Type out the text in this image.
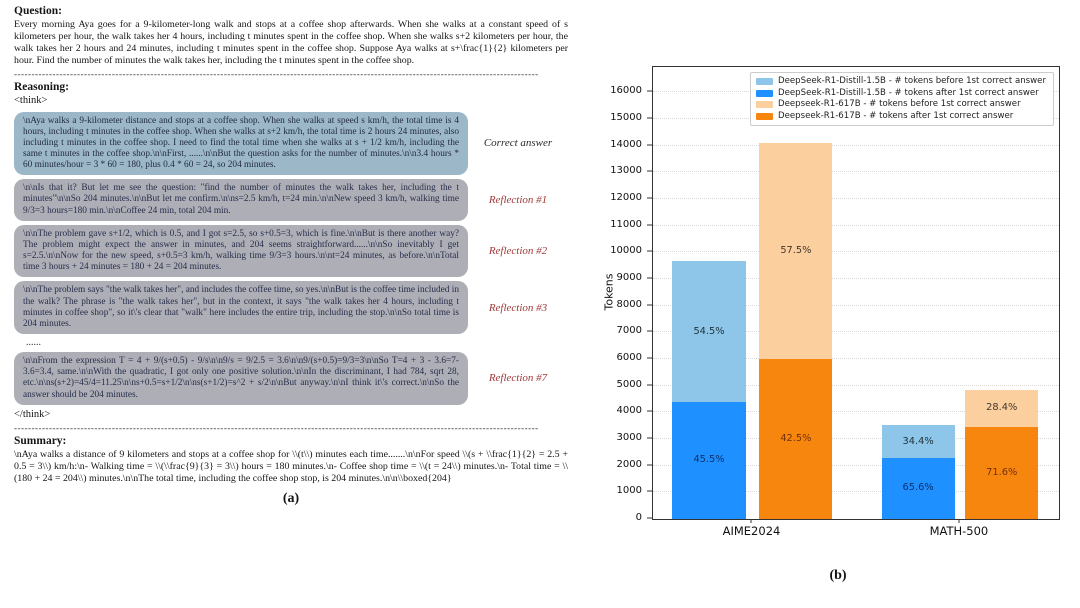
Question:
Every morning Aya goes for a 9-kilometer-long walk and stops at a coffee shop afterwards. When she walks at a constant speed of s kilometers per hour, the walk takes her 4 hours, including t minutes spent in the coffee shop. When she walks s+2 kilometers per hour, the walk takes her 2 hours and 24 minutes, including t minutes spent in the coffee shop. Suppose Aya walks at s+\frac{1}{2} kilometers per hour. Find the number of minutes the walk takes her, including the t minutes spent in the coffee shop.
------------------------------------------------------------------------------------------------------------------------------------------------------
Reasoning:
<think>
\nAya walks a 9-kilometer distance and stops at a coffee shop. When she walks at speed s km/h, the total time is 4 hours, including t minutes in the coffee shop. When she walks at s+2 km/h, the total time is 2 hours 24 minutes, also including t minutes in the coffee shop. I need to find the total time when she walks at s + 1/2 km/h, including the same t minutes in the coffee shop.\n\nFirst, ......\n\nBut the question asks for the number of minutes.\n\n3.4 hours * 60 minutes/hour = 3 * 60 = 180, plus 0.4 * 60 = 24, so 204 minutes.
Correct answer
\n\nIs that it? But let me see the question: "find the number of minutes the walk takes her, including the t minutes"\n\nSo 204 minutes.\n\nBut let me confirm.\n\ns=2.5 km/h, t=24 min.\n\nNew speed 3 km/h, walking time 9/3=3 hours=180 min.\n\nCoffee 24 min, total 204 min.
Reflection #1
\n\nThe problem gave s+1/2, which is 0.5, and I got s=2.5, so s+0.5=3, which is fine.\n\nBut is there another way? The problem might expect the answer in minutes, and 204 seems straightforward......\n\nSo inevitably I get s=2.5.\n\nNow for the new speed, s+0.5=3 km/h, walking time 9/3=3 hours.\n\nt=24 minutes, as before.\n\nTotal time 3 hours + 24 minutes = 180 + 24 = 204 minutes.
Reflection #2
\n\nThe problem says "the walk takes her", and includes the coffee time, so yes.\n\nBut is the coffee time included in the walk? The phrase is "the walk takes her", but in the context, it says "the walk takes her 4 hours, including t minutes in coffee shop", so it\'s clear that "walk" here includes the entire trip, including the stop.\n\nSo total time is 204 minutes.
Reflection #3
......
\n\nFrom the expression T = 4 + 9/(s+0.5) - 9/s\n\n9/s = 9/2.5 = 3.6\n\n9/(s+0.5)=9/3=3\n\nSo T=4 + 3 - 3.6=7-3.6=3.4, same.\n\nWith the quadratic, I got only one positive solution.\n\nIn the discriminant, I had 784, sqrt 28, etc.\n\ns(s+2)=45/4=11.25\n\ns+0.5=s+1/2\n\ns(s+1/2)=s^2 + s/2\n\nBut anyway.\n\nI think it\'s correct.\n\nSo the answer should be 204 minutes.
Reflection #7
</think>
------------------------------------------------------------------------------------------------------------------------------------------------------
Summary:
\nAya walks a distance of 9 kilometers and stops at a coffee shop for \\(t\\) minutes each time.......\n\nFor speed \\(s + \\frac{1}{2} = 2.5 + 0.5 = 3\\) km/h:\n- Walking time = \\(\\frac{9}{3} = 3\\) hours = 180 minutes.\n- Coffee shop time = \\(t = 24\\) minutes.\n- Total time = \\(180 + 24 = 204\\) minutes.\n\nThe total time, including the coffee shop stop, is 204 minutes.\n\n\\boxed{204}
(a)
Tokens
0
1000
2000
3000
4000
5000
6000
7000
8000
9000
10000
11000
12000
13000
14000
15000
16000
DeepSeek-R1-Distill-1.5B - # tokens before 1st correct answer
DeepSeek-R1-Distill-1.5B - # tokens after 1st correct answer
Deepseek-R1-617B - # tokens before 1st correct answer
Deepseek-R1-617B - # tokens after 1st correct answer
45.5%
54.5%
42.5%
57.5%
65.6%
34.4%
71.6%
28.4%
AIME2024	MATH-500
(b)
